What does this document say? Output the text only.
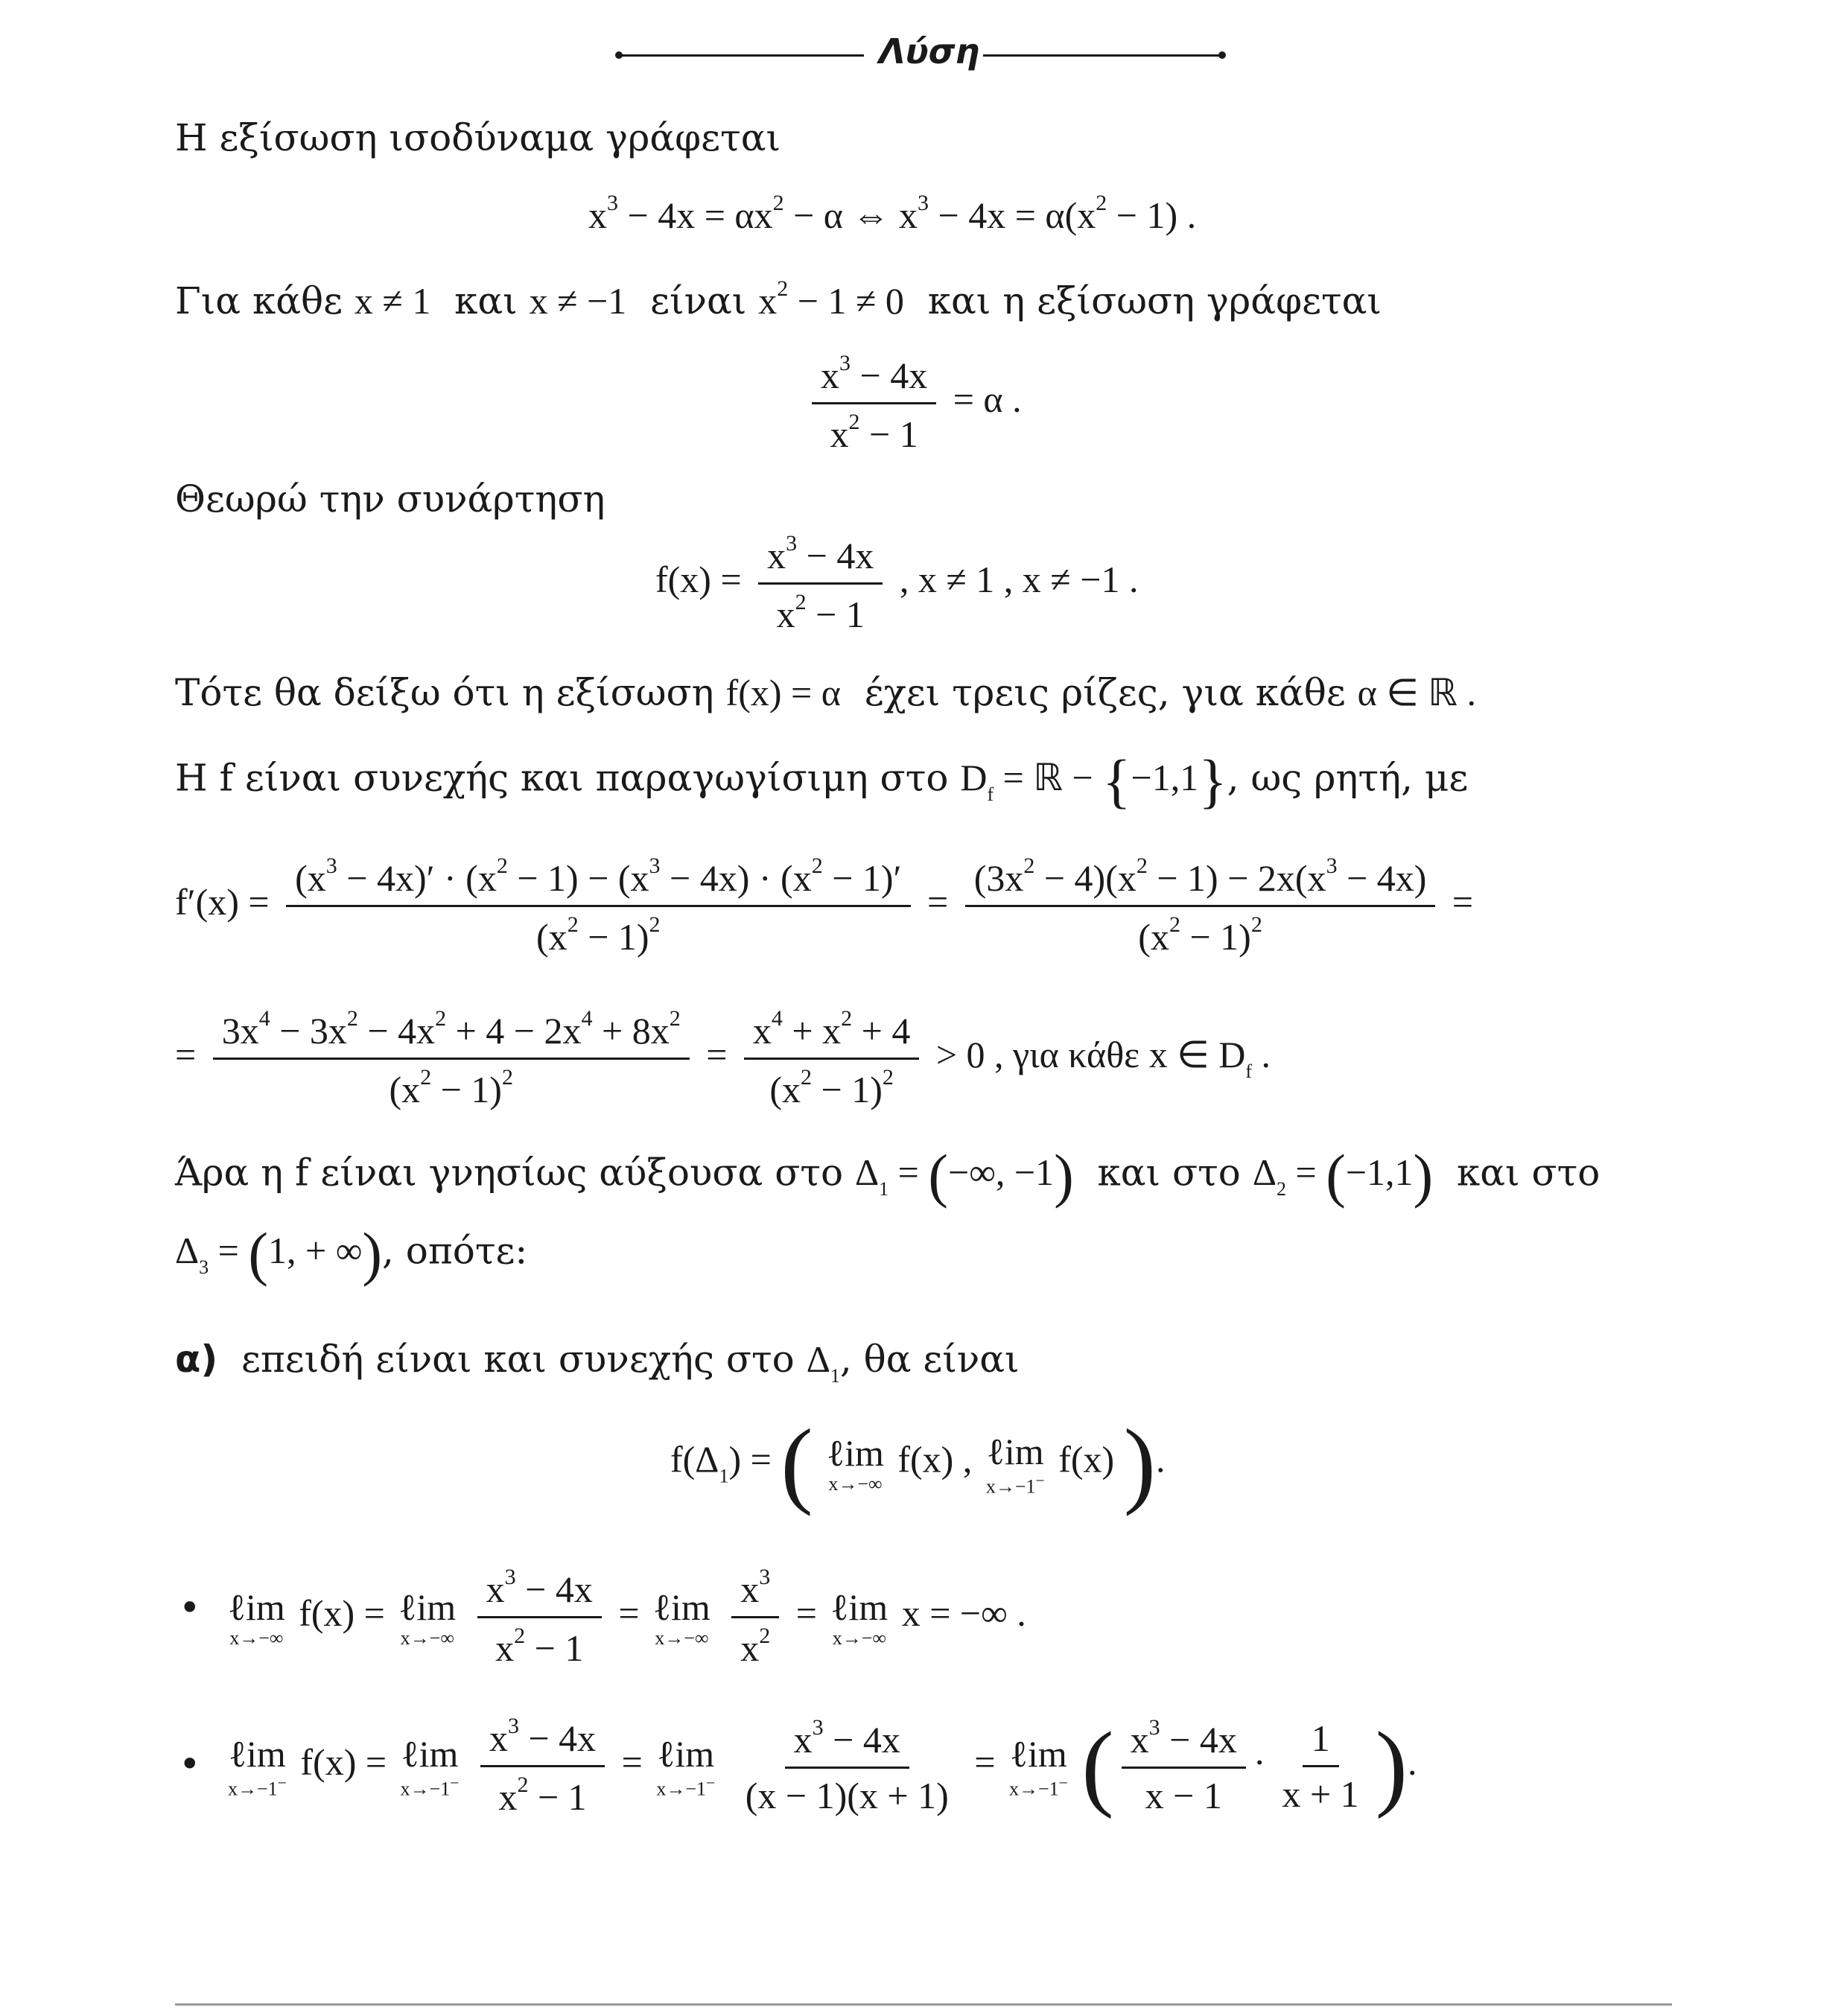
Λύση
Η εξίσωση ισοδύναμα γράφεται
$x^3 - 4x = \alpha x^2 - \alpha$ ⇔ $x^3 - 4x = \alpha(x^2 - 1)$ .
Για κάθε x ≠ 1 και x ≠ −1 είναι $x^2 - 1 \ne 0$ και η εξίσωση γράφεται
$\frac{x^3 - 4x}{x^2 - 1} = \alpha$ .
Θεωρώ την συνάρτηση
$f(x) = \frac{x^3 - 4x}{x^2 - 1}$ , x ≠ 1 , x ≠ −1 .
Τότε θα δείξω ότι η εξίσωση f(x) = α έχει τρεις ρίζες, για κάθε α ∈ ℝ .
Η f είναι συνεχής και παραγωγίσιμη στο $D_f$ = ℝ − {−1,1}, ως ρητή, με
$f'(x) = \frac{(x^3 - 4x)' \cdot (x^2 - 1) - (x^3 - 4x) \cdot (x^2 - 1)'}{(x^2 - 1)^2} = \frac{(3x^2 - 4)(x^2 - 1) - 2x(x^3 - 4x)}{(x^2 - 1)^2}$ =
= $\frac{3x^4 - 3x^2 - 4x^2 + 4 - 2x^4 + 8x^2}{(x^2 - 1)^2} = \frac{x^4 + x^2 + 4}{(x^2 - 1)^2} > 0$ , για κάθε x ∈ $D_f$ .
Άρα η f είναι γνησίως αύξουσα στο $\Delta_1$ = (−∞, −1) και στο $\Delta_2 = (-1,1)$ και στο
$\Delta_3 = (1$, + ∞), οπότε:
α) επειδή είναι και συνεχής στο $\Delta_1$, θα είναι
$f(\Delta_1)$ = ( ℓim
x→−∞
f(x) , ℓim
x→−1−
f(x) ).
• ℓim
x→−∞
f(x) = ℓim
x→−∞
$\frac{x^3 - 4x}{x^2 - 1}$ = ℓim
x→−∞
$\frac{x^3}{x^2}$ = ℓim
x→−∞
x = −∞ .
• ℓim
x→−1−
f(x) = ℓim
x→−1−
$\frac{x^3 - 4x}{x^2 - 1}$ = ℓim
x→−1−
$\frac{x^3 - 4x}{(x - 1)(x + 1)}$ = ℓim
x→−1− ( $\frac{x^3 - 4x}{x - 1} \cdot \frac{1}{x + 1}$ ).
